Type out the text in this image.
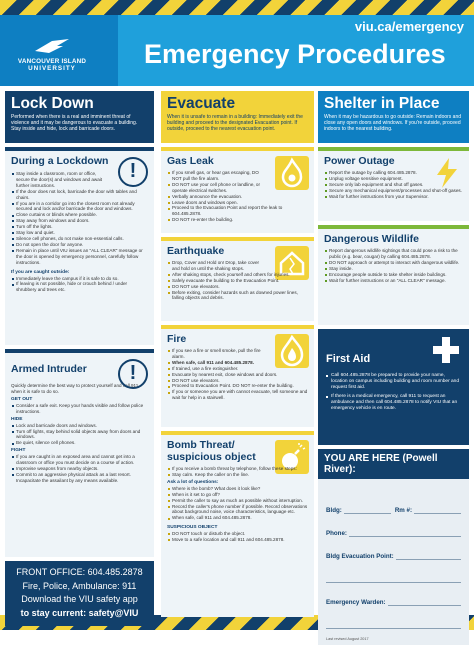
VANCOUVER ISLAND
UNIVERSITY
viu.ca/emergency
Emergency Procedures
Lock Down

Performed when there is a real and imminent threat of violence and it may be dangerous to evacuate a building. Stay inside and hide, lock and barricade doors.

!
During a Lockdown
Stay inside a classroom, room or office, secure the door(s) and windows and await further instructions.
If the door does not lock, barricade the door with tables and chairs.
If you are in a corridor go into the closest room not already secured and lock and/or barricade the door and windows.
Close curtains or blinds where possible.
Stay away from windows and doors.
Turn off the lights.
Stay low and quiet.
Silence cell phones, do not make non-essential calls.
Do not open the door for anyone.
Remain in place until VIU issues an "ALL CLEAR" message or the door is opened by emergency personnel, carefully follow instructions.
If you are caught outside:
Immediately leave the campus if it is safe to do so.
If leaving is not possible, hide or crouch behind / under shrubbery and trees etc.
!
Armed Intruder
Quickly determine the best way to protect yourself and call 911 when it is safe to do so.
GET OUT
Consider a safe exit. Keep your hands visible and follow police instructions.
HIDE
Lock and barricade doors and windows.
Turn off lights, stay behind solid objects away from doors and windows.
Be quiet, silence cell phones.
FIGHT
If you are caught in an exposed area and cannot get into a classroom or office you must decide on a course of action.
Improvise weapons from nearby objects.
Commit to an aggressive physical attack as a last resort. Incapacitate the assailant by any means available.
FRONT OFFICE: 604.485.2878
Fire, Police, Ambulance: 911
Download the VIU safety app
to stay current: safety@VIU
Evacuate

When it is unsafe to remain in a building: Immediately exit the building and proceed to the designated Evacuation point. If outside, proceed to the nearest evacuation point.

Gas Leak
If you smell gas, or hear gas escaping, DO NOT pull the fire alarm.
DO NOT use your cell phone or landline, or operate electrical switches.
Verbally announce the evacuation.
Leave doors and windows open.
Proceed to the Evacuation Point and report the leak to 604.485.2878.
DO NOT re-enter the building.
Earthquake
Drop, Cover and Hold on! Drop, take cover and hold on until the shaking stops.
After shaking stops, check yourself and others for injuries.
Safely evacuate the building to the Evacuation Point.
DO NOT use elevators.
Before exiting, consider hazards such as downed power lines, falling objects and debris.
Fire
If you see a fire or smell smoke, pull the fire alarm.
When safe, call 911 and 604.485.2878.
If trained, use a fire extinguisher.
Evacuate by nearest exit, close windows and doors.
DO NOT use elevators.
Proceed to Evacuation Point. DO NOT re-enter the building.
If you or someone you are with cannot evacuate, tell someone and wait for help in a stairwell.
Bomb Threat/ suspicious object
If you receive a bomb threat by telephone, follow these steps:
Stay calm. Keep the caller on the line.
Ask a lot of questions:
Where is the bomb? What does it look like?
When is it set to go off?
Permit the caller to say as much as possible without interruption.
Record the caller's phone number if possible. Record observations about background noise, voice characteristics, language etc.
When safe, call 911 and 604.485.2878.
SUSPICIOUS OBJECT
DO NOT touch or disturb the object.
Move to a safe location and call 911 and 604.485.2878.
Shelter in Place

When it may be hazardous to go outside: Remain indoors and close any open doors and windows. If you're outside, proceed indoors to the nearest building.

Power Outage
Report the outage by calling 604.485.2878.
Unplug voltage sensitive equipment.
Secure only lab equipment and shut off gases.
Secure any mechanical equipment/processes and shut-off gases.
Wait for further instructions from your Supervisor.
Dangerous Wildlife
Report dangerous wildlife sightings that could pose a risk to the public (e.g. bear, cougar) by calling 604.485.2878.
DO NOT approach or attempt to interact with dangerous wildlife.
Stay inside.
Encourage people outside to take shelter inside buildings.
Wait for further instructions or an "ALL CLEAR" message.
First Aid
Call 604.485.2878 be prepared to provide your name, location on campus including building and room number and request first aid.
If there is a medical emergency, call 911 to request an ambulance and then call 604.485.2878 to notify VIU that an emergency vehicle is en route.
YOU ARE HERE (Powell River):
Bldg:	Rm #:
Phone:
Bldg Evacuation Point:
Emergency Warden:
Last revised August 2017
